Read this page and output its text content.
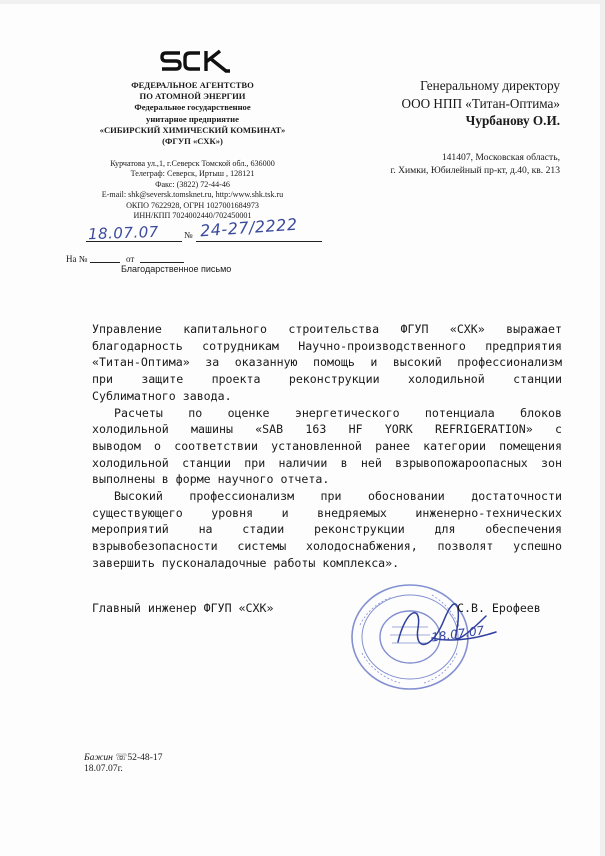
ФЕДЕРАЛЬНОЕ АГЕНТСТВО
ПО АТОМНОЙ ЭНЕРГИИ
Федеральное государственное
унитарное предприятие
«СИБИРСКИЙ ХИМИЧЕСКИЙ КОМБИНАТ»
(ФГУП «СХК»)
Курчатова ул.,1, г.Северск Томской обл., 636000
Телеграф: Северск, Иртыш , 128121
Факс: (3822) 72-44-46
E-mail: shk@seversk.tomsknet.ru, http:/www.shk.tsk.ru
ОКПО 7622928, ОГРН 1027001684973
ИНН/КПП 7024002440/702450001
18.07.07	№ 24-27/2222
На №	от
Благодарственное письмо
Генеральному директору
ООО НПП «Титан-Оптима»
Чурбанову О.И.
141407, Московская область,
г. Химки, Юбилейный пр-кт, д.40, кв. 213
Управление капитального строительства ФГУП «СХК» выражает
благодарность сотрудникам Научно-производственного предприятия
«Титан-Оптима» за оказанную помощь и высокий профессионализм
при защите проекта реконструкции холодильной станции
Сублиматного завода.
Расчеты по оценке энергетического потенциала блоков
холодильной машины «SAB 163 HF YORK REFRIGERATION» с
выводом о соответствии установленной ранее категории помещения
холодильной станции при наличии в ней взрывопожароопасных зон
выполнены в форме научного отчета.
Высокий профессионализм при обосновании достаточности
существующего уровня и внедряемых инженерно-технических
мероприятий на стадии реконструкции для обеспечения
взрывобезопасности системы холодоснабжения, позволят успешно
завершить пусконаладочные работы комплекса».
18.07.07
Главный инженер ФГУП «СХК»	С.В. Ерофеев
Бажин ☏52-48-17
18.07.07г.
